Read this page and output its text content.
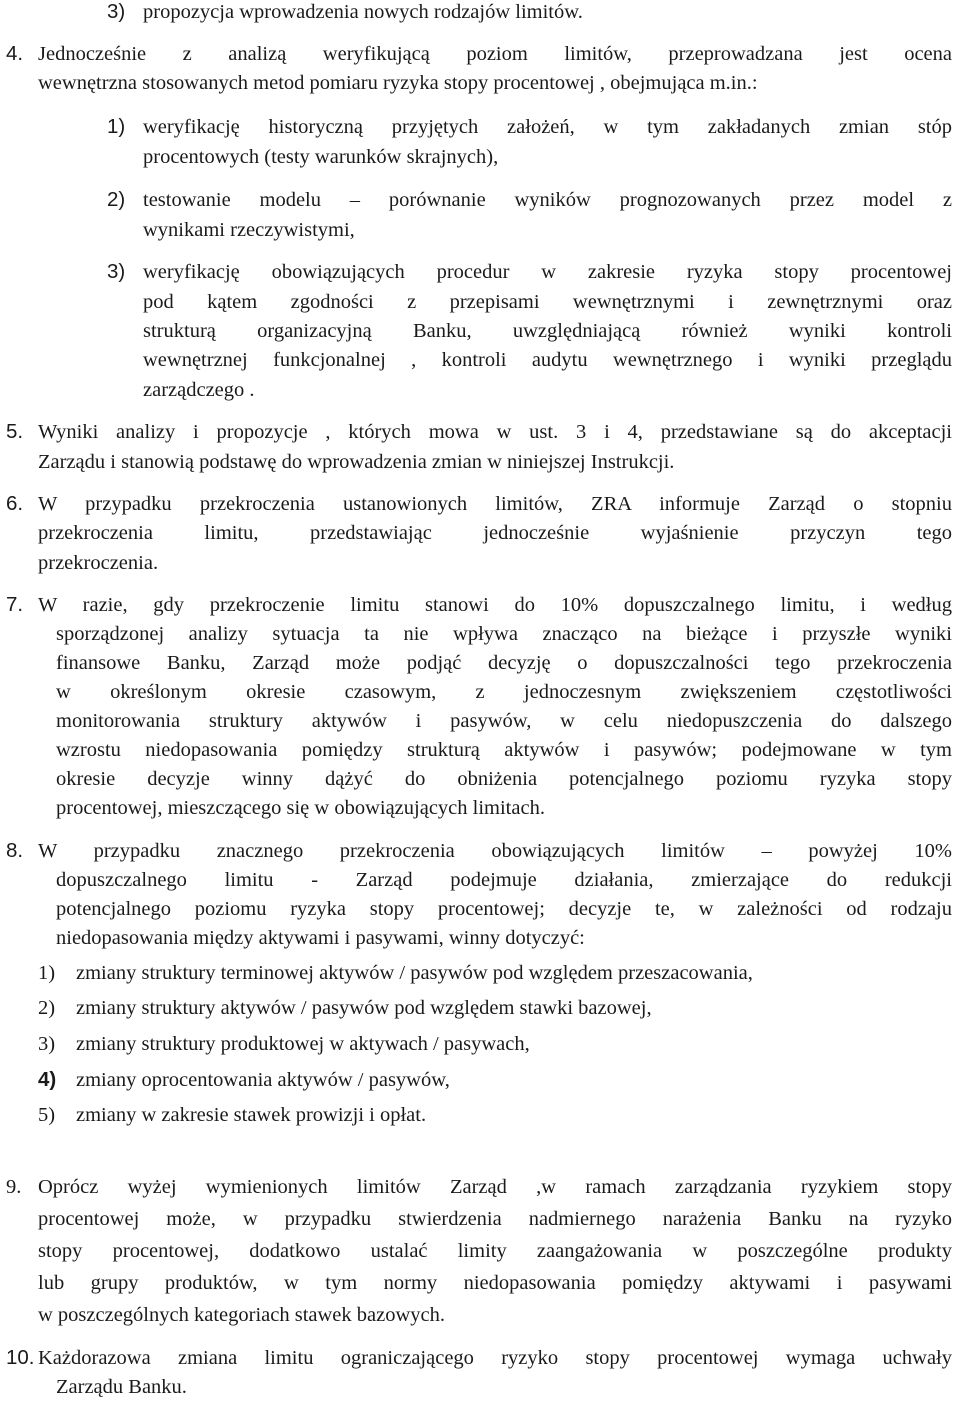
3) propozycja wprowadzenia nowych rodzajów limitów.
4. Jednocześnie z analizą weryfikującą poziom limitów, przeprowadzana jest ocena
wewnętrzna stosowanych metod pomiaru ryzyka stopy procentowej , obejmująca m.in.:
1) weryfikację historyczną przyjętych założeń, w tym zakładanych zmian stóp
procentowych (testy warunków skrajnych),
2) testowanie modelu – porównanie wyników prognozowanych przez model z
wynikami rzeczywistymi,
3) weryfikację obowiązujących procedur w zakresie ryzyka stopy procentowej
pod kątem zgodności z przepisami wewnętrznymi i zewnętrznymi oraz
strukturą organizacyjną Banku, uwzględniającą również wyniki kontroli
wewnętrznej funkcjonalnej , kontroli audytu wewnętrznego i wyniki przeglądu
zarządczego .
5. Wyniki analizy i propozycje , których mowa w ust. 3 i 4, przedstawiane są do akceptacji
Zarządu i stanowią podstawę do wprowadzenia zmian w niniejszej Instrukcji.
6. W przypadku przekroczenia ustanowionych limitów, ZRA informuje Zarząd o stopniu
przekroczenia limitu, przedstawiając jednocześnie wyjaśnienie przyczyn tego
przekroczenia.
7. W razie, gdy przekroczenie limitu stanowi do 10% dopuszczalnego limitu, i według
sporządzonej analizy sytuacja ta nie wpływa znacząco na bieżące i przyszłe wyniki
finansowe Banku, Zarząd może podjąć decyzję o dopuszczalności tego przekroczenia
w określonym okresie czasowym, z jednoczesnym zwiększeniem częstotliwości
monitorowania struktury aktywów i pasywów, w celu niedopuszczenia do dalszego
wzrostu niedopasowania pomiędzy strukturą aktywów i pasywów; podejmowane w tym
okresie decyzje winny dążyć do obniżenia potencjalnego poziomu ryzyka stopy
procentowej, mieszczącego się w obowiązujących limitach.
8. W przypadku znacznego przekroczenia obowiązujących limitów – powyżej 10%
dopuszczalnego limitu - Zarząd podejmuje działania, zmierzające do redukcji
potencjalnego poziomu ryzyka stopy procentowej; decyzje te, w zależności od rodzaju
niedopasowania między aktywami i pasywami, winny dotyczyć:
1) zmiany struktury terminowej aktywów / pasywów pod względem przeszacowania,
2) zmiany struktury aktywów / pasywów pod względem stawki bazowej,
3) zmiany struktury produktowej w aktywach / pasywach,
4) zmiany oprocentowania aktywów / pasywów,
5) zmiany w zakresie stawek prowizji i opłat.
9. Oprócz wyżej wymienionych limitów Zarząd ,w ramach zarządzania ryzykiem stopy
procentowej może, w przypadku stwierdzenia nadmiernego narażenia Banku na ryzyko
stopy procentowej, dodatkowo ustalać limity zaangażowania w poszczególne produkty
lub grupy produktów, w tym normy niedopasowania pomiędzy aktywami i pasywami
w poszczególnych kategoriach stawek bazowych.
10. Każdorazowa zmiana limitu ograniczającego ryzyko stopy procentowej wymaga uchwały
Zarządu Banku.
